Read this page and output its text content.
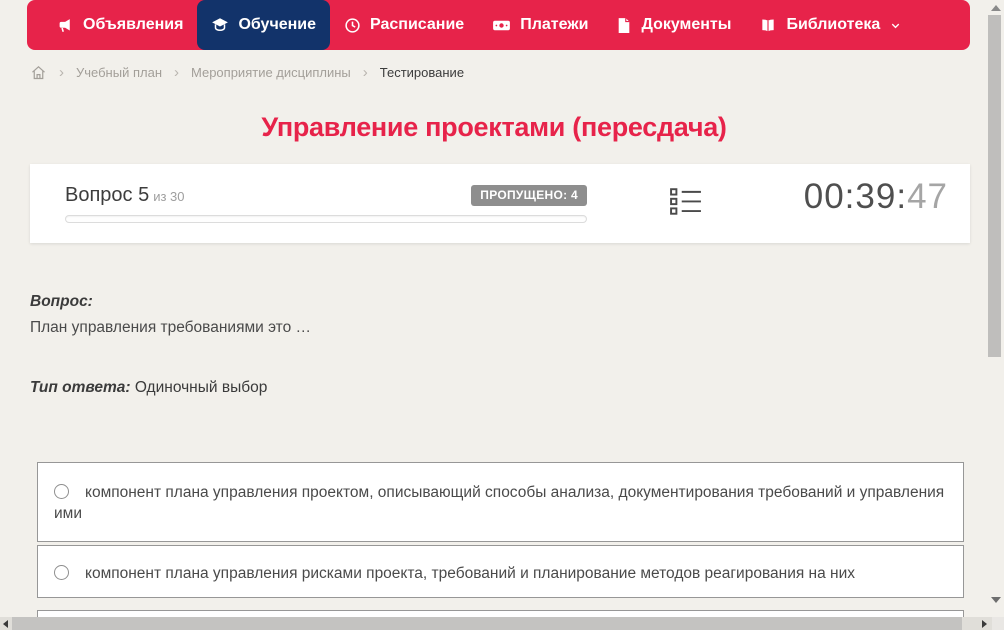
Объявления	Обучение	Расписание	Платежи	Документы	Библиотека
› Учебный план › Мероприятие дисциплины › Тестирование
Управление проектами (пересдача)
Вопрос 5 из 30	ПРОПУЩЕНО: 4	00:39:47
Вопрос:
План управления требованиями это …
Тип ответа: Одиночный выбор
компонент плана управления проектом, описывающий способы анализа, документирования требований и управления ими
компонент плана управления рисками проекта, требований и планирование методов реагирования на них
